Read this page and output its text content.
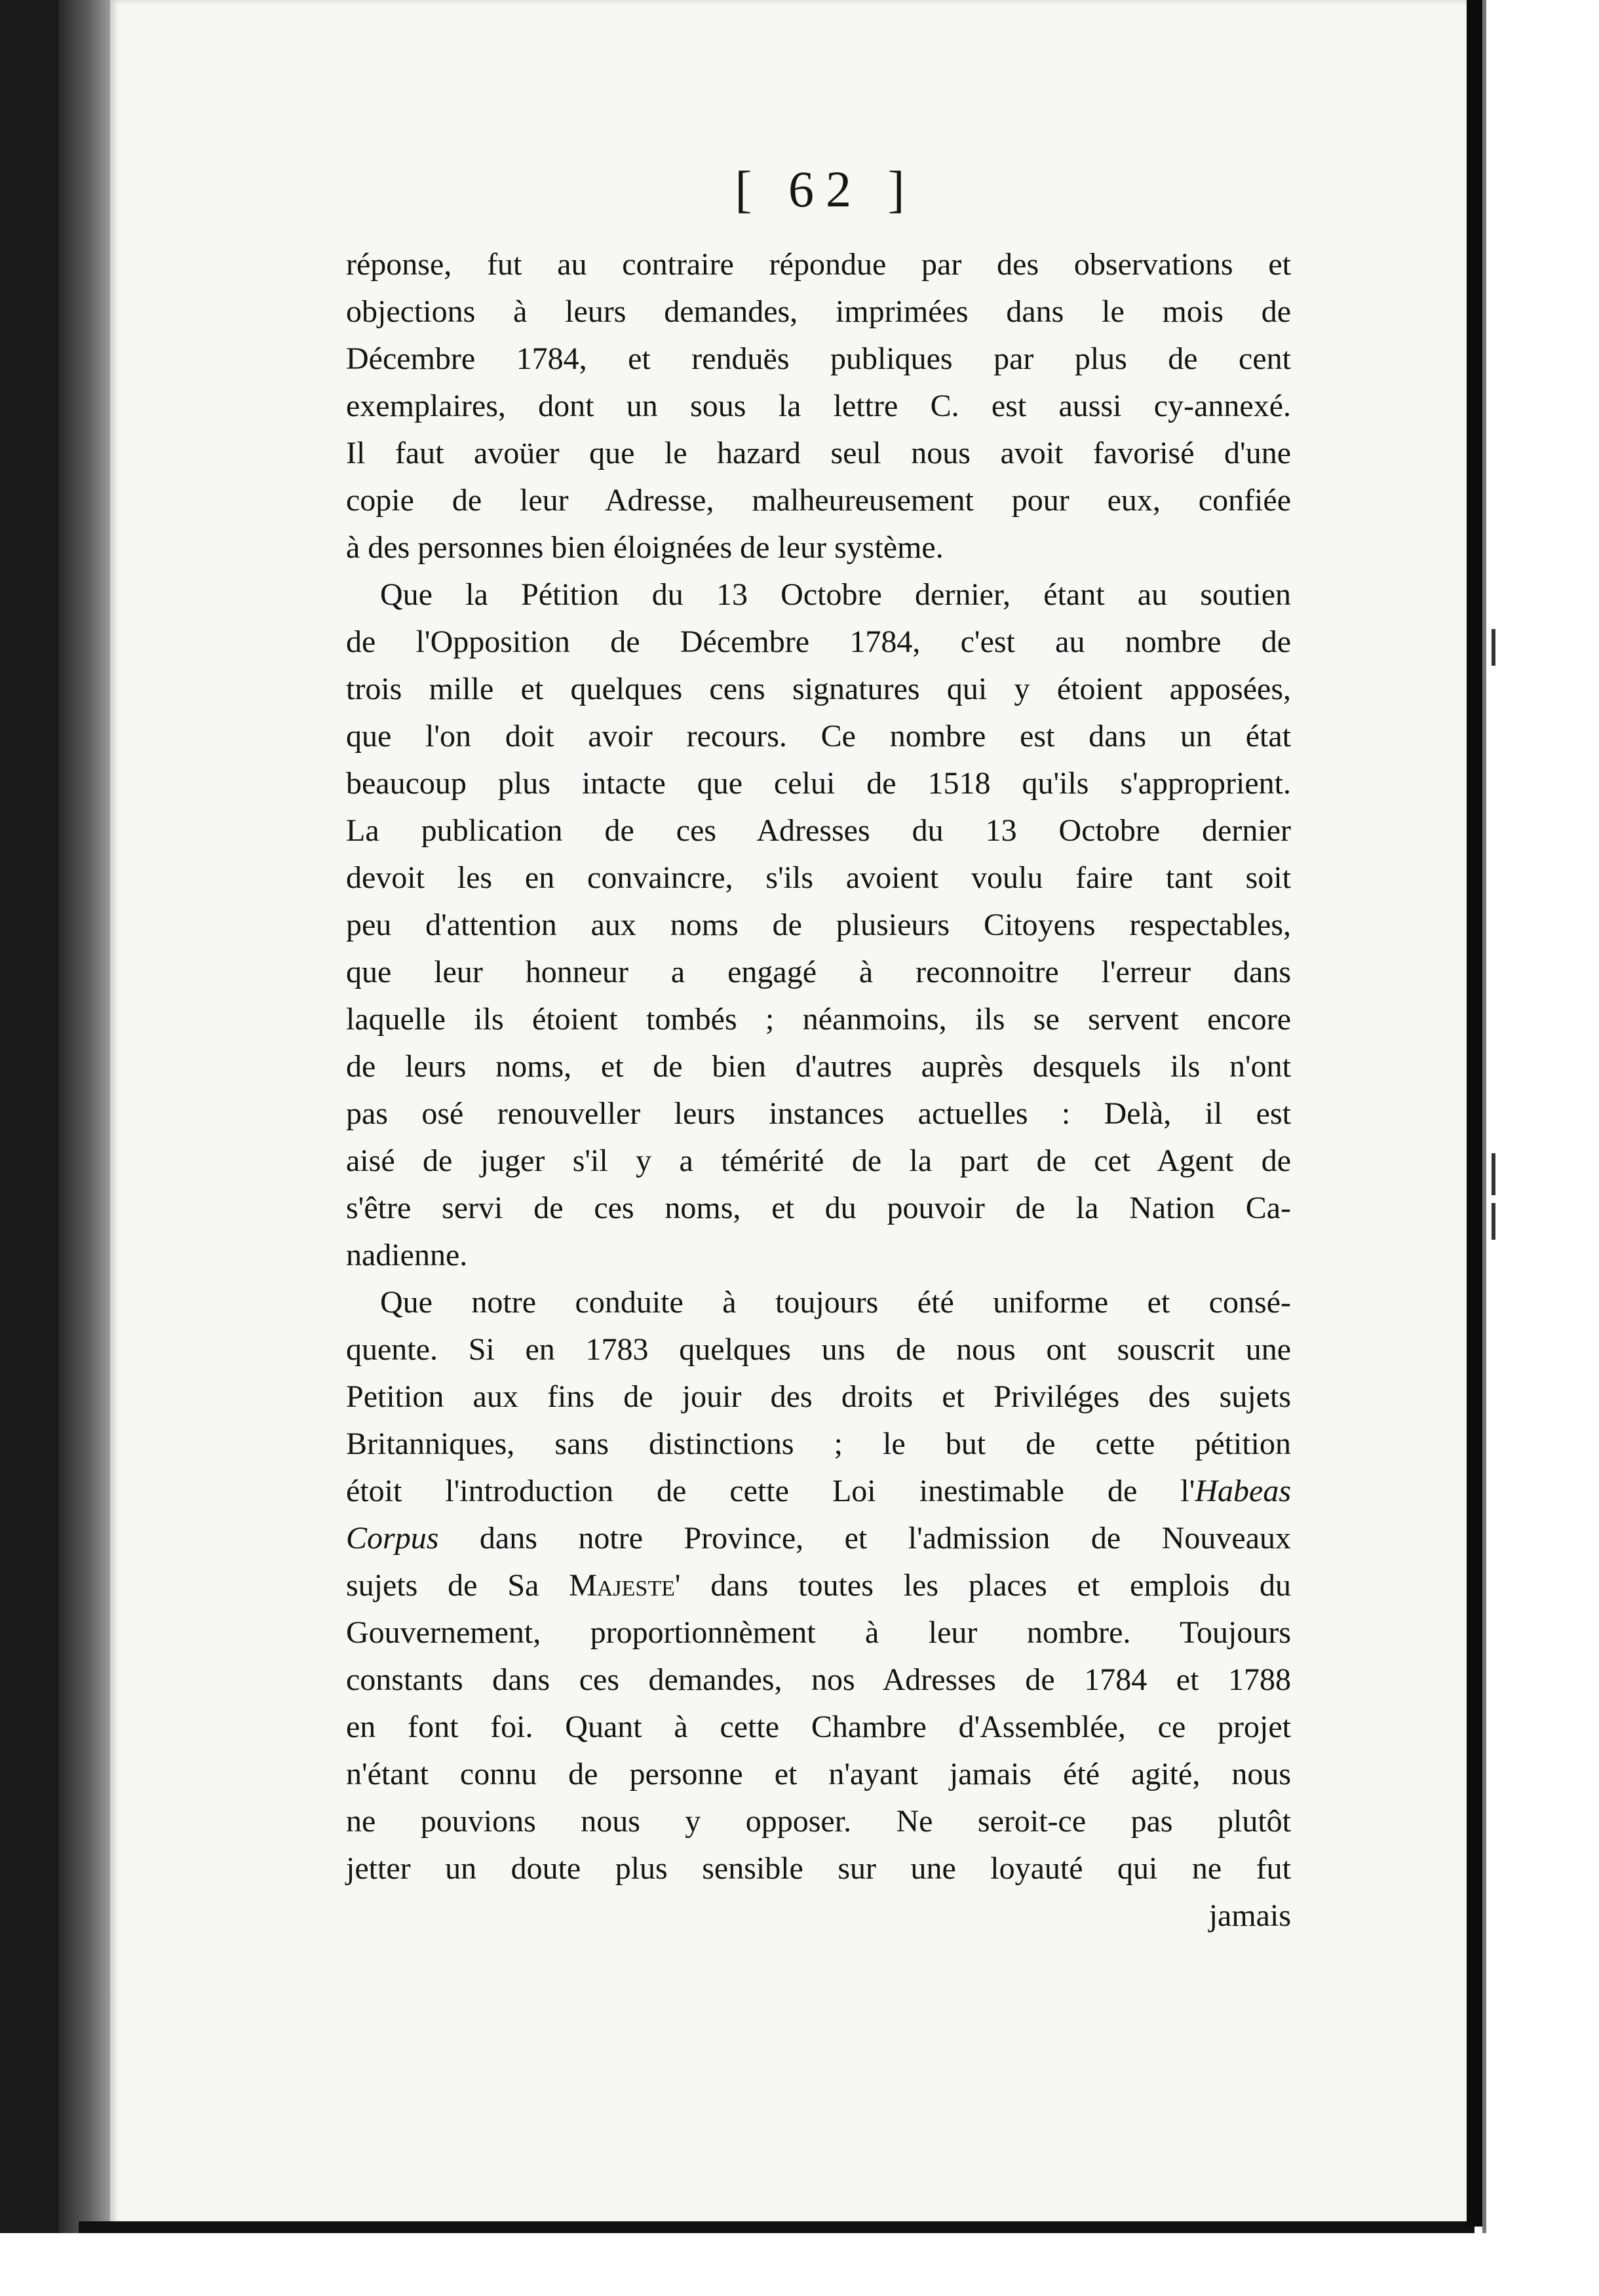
[ 62 ]
réponse, fut au contraire répondue par des observations et
objections à leurs demandes, imprimées dans le mois de
Décembre 1784, et renduës publiques par plus de cent
exemplaires, dont un sous la lettre C. est aussi cy-annexé.
Il faut avoüer que le hazard seul nous avoit favorisé d'une
copie de leur Adresse, malheureusement pour eux, confiée
à des personnes bien éloignées de leur système.
Que la Pétition du 13 Octobre dernier, étant au soutien
de l'Opposition de Décembre 1784, c'est au nombre de
trois mille et quelques cens signatures qui y étoient apposées,
que l'on doit avoir recours. Ce nombre est dans un état
beaucoup plus intacte que celui de 1518 qu'ils s'approprient.
La publication de ces Adresses du 13 Octobre dernier
devoit les en convaincre, s'ils avoient voulu faire tant soit
peu d'attention aux noms de plusieurs Citoyens respectables,
que leur honneur a engagé à reconnoitre l'erreur dans
laquelle ils étoient tombés ; néanmoins, ils se servent encore
de leurs noms, et de bien d'autres auprès desquels ils n'ont
pas osé renouveller leurs instances actuelles : Delà, il est
aisé de juger s'il y a témérité de la part de cet Agent de
s'être servi de ces noms, et du pouvoir de la Nation Ca-
nadienne.
Que notre conduite à toujours été uniforme et consé-
quente. Si en 1783 quelques uns de nous ont souscrit une
Petition aux fins de jouir des droits et Priviléges des sujets
Britanniques, sans distinctions ; le but de cette pétition
étoit l'introduction de cette Loi inestimable de l'Habeas
Corpus dans notre Province, et l'admission de Nouveaux
sujets de Sa Majeste' dans toutes les places et emplois du
Gouvernement, proportionnèment à leur nombre. Toujours
constants dans ces demandes, nos Adresses de 1784 et 1788
en font foi. Quant à cette Chambre d'Assemblée, ce projet
n'étant connu de personne et n'ayant jamais été agité, nous
ne pouvions nous y opposer. Ne seroit-ce pas plutôt
jetter un doute plus sensible sur une loyauté qui ne fut
jamais
